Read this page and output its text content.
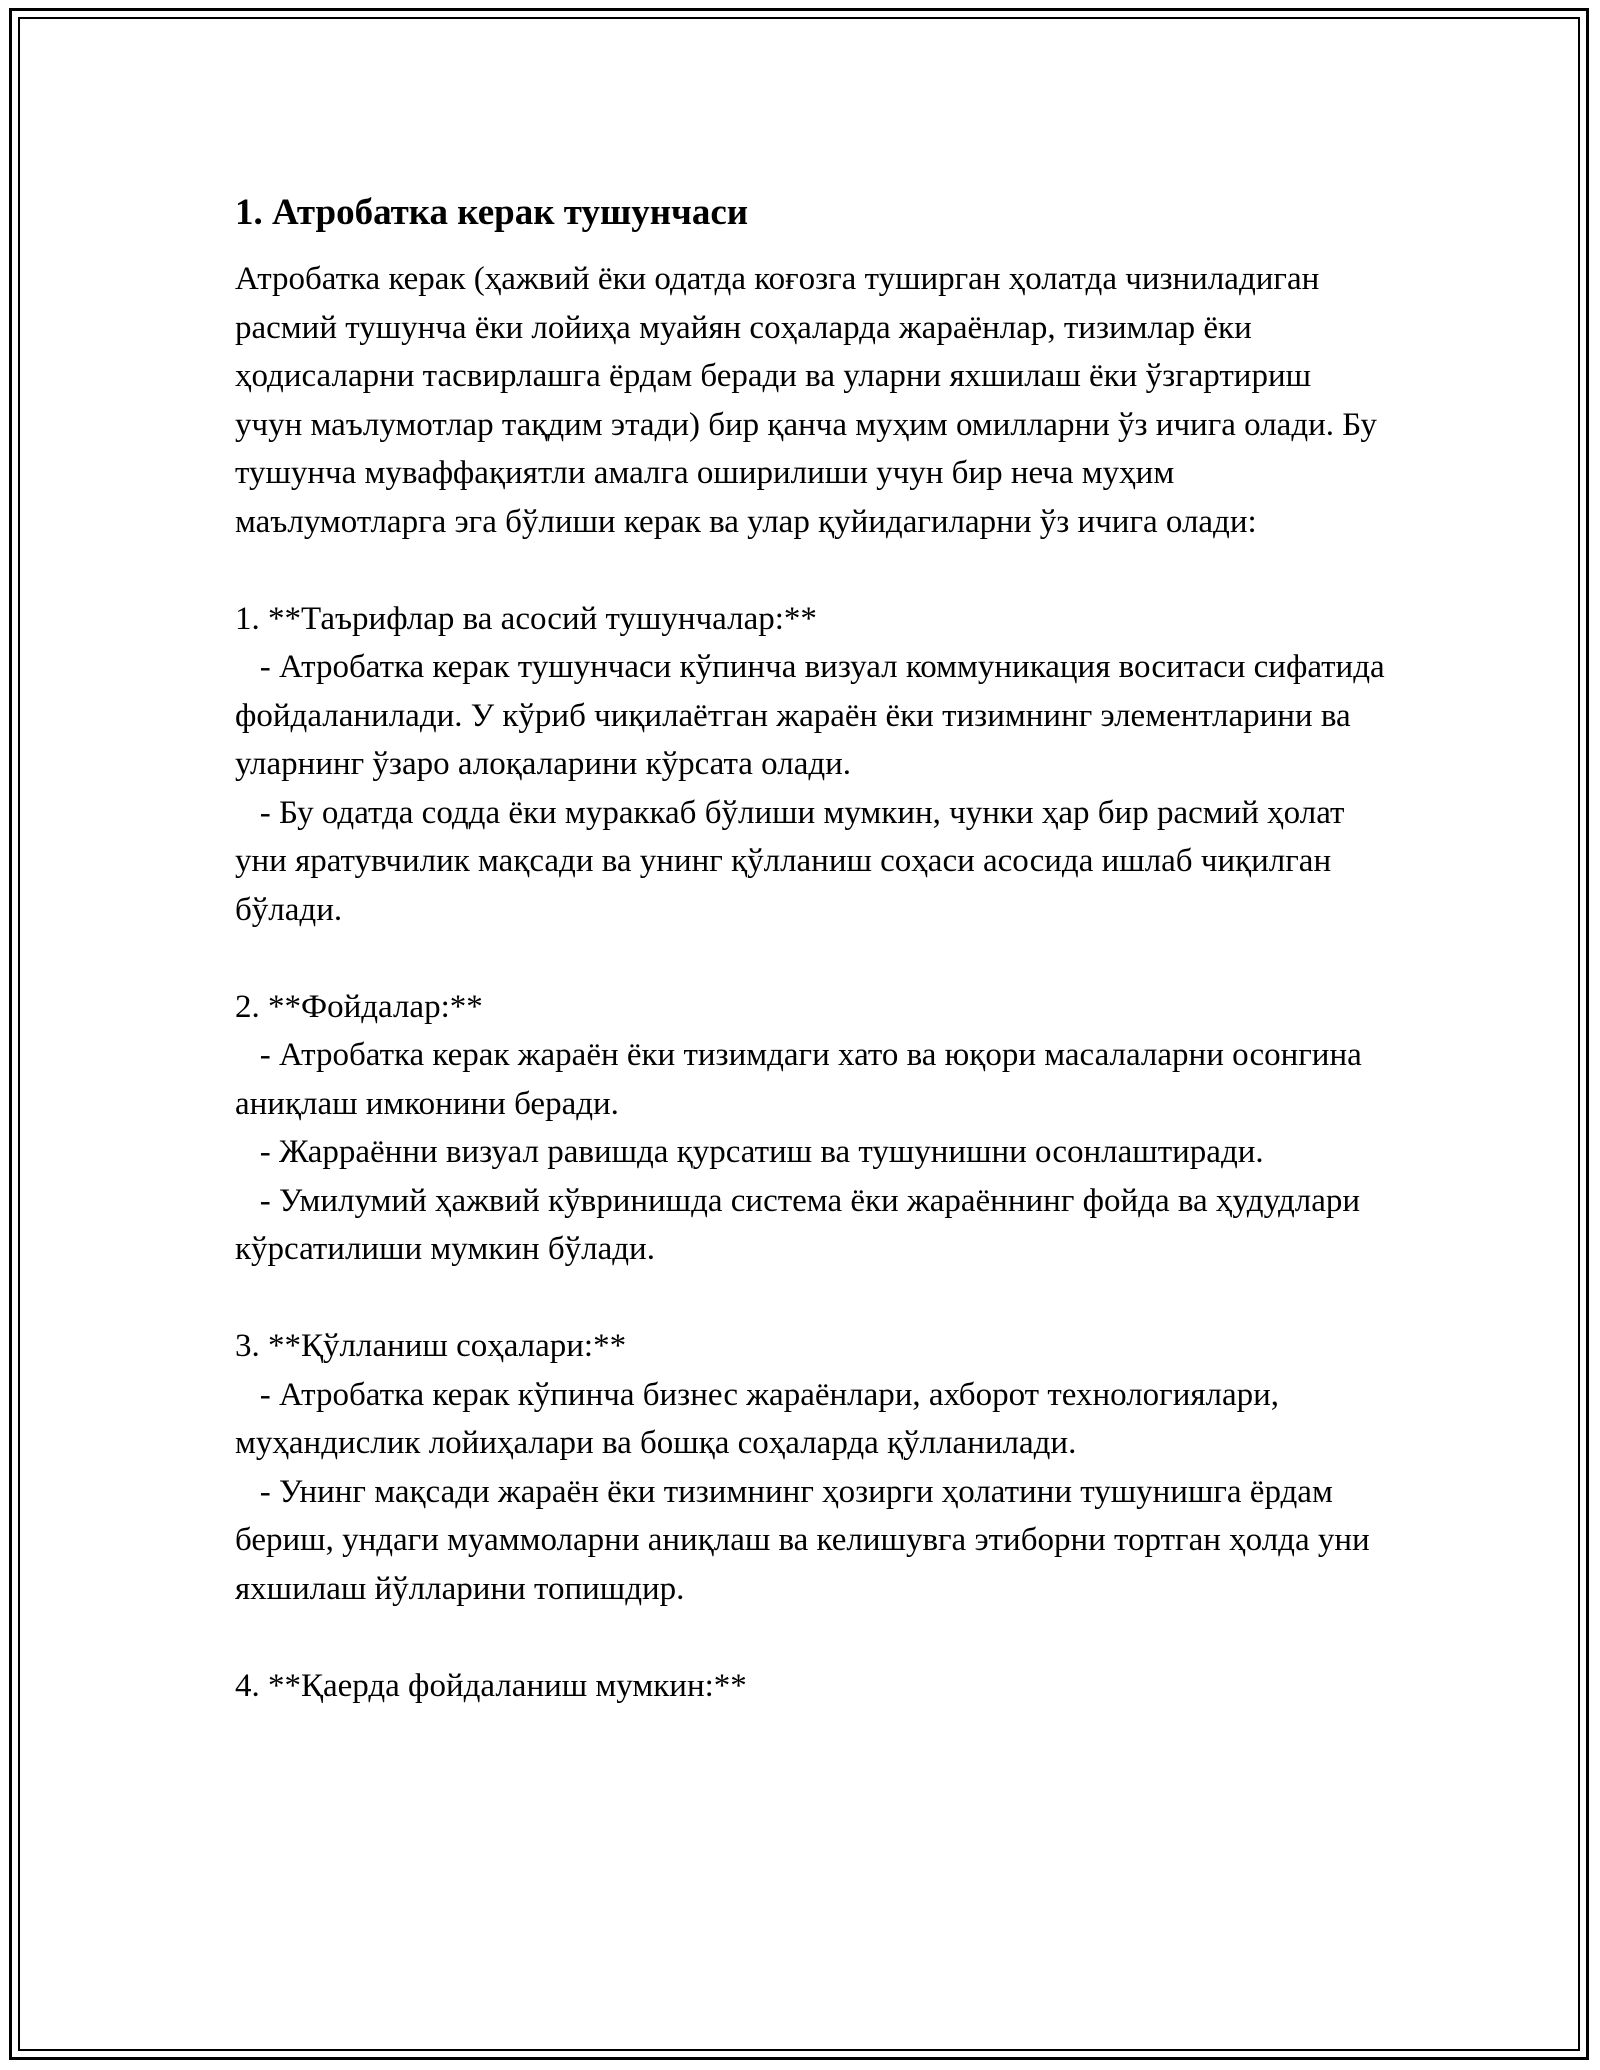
1. Атробатка керак тушунчаси

Атробатка керак (ҳажвий ёки одатда коғозга туширган ҳолатда чизниладиган расмий тушунча ёки лойиҳа муайян соҳаларда жараёнлар, тизимлар ёки ҳодисаларни тасвирлашга ёрдам беради ва уларни яхшилаш ёки ўзгартириш учун маълумотлар тақдим этади) бир қанча муҳим омилларни ўз ичига олади. Бу тушунча муваффақиятли амалга оширилиши учун бир неча муҳим маълумотларга эга бўлиши керак ва улар қуйидагиларни ўз ичига олади:

1. **Таърифлар ва асосий тушунчалар:**

- Атробатка керак тушунчаси кўпинча визуал коммуникация воситаси сифатида фойдаланилади. У кўриб чиқилаётган жараён ёки тизимнинг элементларини ва уларнинг ўзаро алоқаларини кўрсата олади.

- Бу одатда содда ёки мураккаб бўлиши мумкин, чунки ҳар бир расмий ҳолат уни яратувчилик мақсади ва унинг қўлланиш соҳаси асосида ишлаб чиқилган бўлади.

2. **Фойдалар:**

- Атробатка керак жараён ёки тизимдаги хато ва юқори масалаларни осонгина аниқлаш имконини беради.

- Жарраённи визуал равишда қурсатиш ва тушунишни осонлаштиради.

- Умилумий ҳажвий кўвринишда система ёки жараённинг фойда ва ҳудудлари кўрсатилиши мумкин бўлади.

3. **Қўлланиш соҳалари:**

- Атробатка керак кўпинча бизнес жараёнлари, ахборот технологиялари, муҳандислик лойиҳалари ва бошқа соҳаларда қўлланилади.

- Унинг мақсади жараён ёки тизимнинг ҳозирги ҳолатини тушунишга ёрдам бериш, ундаги муаммоларни аниқлаш ва келишувга этиборни тортган ҳолда уни яхшилаш йўлларини топишдир.

4. **Қаерда фойдаланиш мумкин:**
